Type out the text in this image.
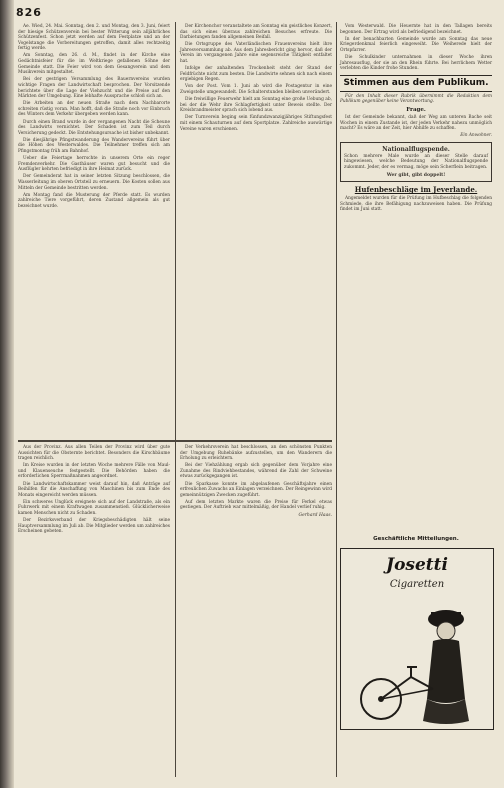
826

Ae. Wied, 24. Mai. Sonntag, den 2. und Montag, den 3. Juni, feiert der hiesige Schützenverein bei bester Witterung sein alljährliches Schützenfest. Schon jetzt werden auf dem Festplatze und an der Vogelstange die Vorbereitungen getroffen, damit alles rechtzeitig fertig werde.

Am Sonntag, den 26. d. M., findet in der Kirche eine Gedächtnisfeier für die im Weltkriege gefallenen Söhne der Gemeinde statt. Die Feier wird von dem Gesangverein und dem Musikverein mitgestaltet.

Bei der gestrigen Versammlung des Bauernvereins wurden wichtige Fragen der Landwirtschaft besprochen. Der Vorsitzende berichtete über die Lage der Viehzucht und die Preise auf den Märkten der Umgebung. Eine lebhafte Aussprache schloß sich an.

Die Arbeiten an der neuen Straße nach dem Nachbarorte schreiten rüstig voran. Man hofft, daß die Straße noch vor Einbruch des Winters dem Verkehr übergeben werden kann.

Durch einen Brand wurde in der vergangenen Nacht die Scheune des Landwirts vernichtet. Der Schaden ist zum Teil durch Versicherung gedeckt. Die Entstehungsursache ist bisher unbekannt.

Die diesjährige Pfingstwanderung des Wandervereins führt über die Höhen des Westerwaldes. Die Teilnehmer treffen sich am Pfingstmontag früh am Bahnhof.

Ueber die Feiertage herrschte in unserem Orte ein reger Fremdenverkehr. Die Gasthäuser waren gut besucht und die Ausflügler kehrten befriedigt in ihre Heimat zurück.

Der Gemeinderat hat in seiner letzten Sitzung beschlossen, die Wasserleitung im oberen Ortsteil zu erneuern. Die Kosten sollen aus Mitteln der Gemeinde bestritten werden.

Am Montag fand die Musterung der Pferde statt. Es wurden zahlreiche Tiere vorgeführt, deren Zustand allgemein als gut bezeichnet wurde.

Der Kirchenchor veranstaltete am Sonntag ein geistliches Konzert, das sich eines überaus zahlreichen Besuches erfreute. Die Darbietungen fanden allgemeinen Beifall.

Die Ortsgruppe des Vaterländischen Frauenvereins hielt ihre Jahresversammlung ab. Aus dem Jahresbericht ging hervor, daß der Verein im vergangenen Jahre eine segensreiche Tätigkeit entfaltet hat.

Infolge der anhaltenden Trockenheit steht der Stand der Feldfrüchte nicht zum besten. Die Landwirte sehnen sich nach einem ergiebigen Regen.

Von der Post. Vom 1. Juni ab wird die Postagentur in eine Zweigstelle umgewandelt. Die Schalterstunden bleiben unverändert.

Die freiwillige Feuerwehr hielt am Sonntag eine große Uebung ab, bei der die Wehr ihre Schlagfertigkeit unter Beweis stellte. Der Kreisbrandmeister sprach sich lobend aus.

Der Turnverein beging sein fünfundzwanzigjähriges Stiftungsfest mit einem Schauturnen auf dem Sportplatze. Zahlreiche auswärtige Vereine waren erschienen.

Vom Westerwald. Die Heuernte hat in den Tallagen bereits begonnen. Der Ertrag wird als befriedigend bezeichnet.

In der benachbarten Gemeinde wurde am Sonntag das neue Kriegerdenkmal feierlich eingeweiht. Die Weiherede hielt der Ortspfarrer.

Die Schulkinder unternahmen in dieser Woche ihren Jahresausflug, der sie an den Rhein führte. Bei herrlichem Wetter verlebten die Kinder frohe Stunden.

Stimmen aus dem Publikum.

Für den Inhalt dieser Rubrik übernimmt die Redaktion dem Publikum gegenüber keine Verantwortung.

Frage.

Ist der Gemeinde bekannt, daß der Weg am unteren Bache seit Wochen in einem Zustande ist, der jeden Verkehr nahezu unmöglich macht? Es wäre an der Zeit, hier Abhilfe zu schaffen.

Ein Anwohner.
Nationalflugspende.
Schon mehrere Male wurde an dieser Stelle darauf hingewiesen, welche Bedeutung der Nationalflugspende zukommt. Jeder, der es vermag, möge sein Scherflein beitragen.
Wer gibt, gibt doppelt!
Hufenbeschläge im Jeverlande.

Angemeldet wurden für die Prüfung im Hufbeschlag die folgenden Schmiede, die ihre Befähigung nachzuweisen haben. Die Prüfung findet im Juni statt.

Aus der Provinz. Aus allen Teilen der Provinz wird über gute Aussichten für die Obsternte berichtet. Besonders die Kirschbäume tragen reichlich.

Im Kreise wurden in der letzten Woche mehrere Fälle von Maul- und Klauenseuche festgestellt. Die Behörden haben die erforderlichen Sperrmaßnahmen angeordnet.

Die Landwirtschaftskammer weist darauf hin, daß Anträge auf Beihilfen für die Anschaffung von Maschinen bis zum Ende des Monats eingereicht werden müssen.

Ein schweres Unglück ereignete sich auf der Landstraße, als ein Fuhrwerk mit einem Kraftwagen zusammenstieß. Glücklicherweise kamen Menschen nicht zu Schaden.

Der Bezirksverband der Kriegsbeschädigten hält seine Hauptversammlung im Juli ab. Die Mitglieder werden um zahlreiches Erscheinen gebeten.

Der Verkehrsverein hat beschlossen, an den schönsten Punkten der Umgebung Ruhebänke aufzustellen, um den Wanderern die Erholung zu erleichtern.

Bei der Viehzählung ergab sich gegenüber dem Vorjahre eine Zunahme des Rindviehbestandes, während die Zahl der Schweine etwas zurückgegangen ist.

Die Sparkasse konnte im abgelaufenen Geschäftsjahre einen erfreulichen Zuwachs an Einlagen verzeichnen. Der Reingewinn wird gemeinnützigen Zwecken zugeführt.

Auf dem letzten Markte waren die Preise für Ferkel etwas gestiegen. Der Auftrieb war mittelmäßig, der Handel verlief ruhig.

Gerhard Haas.
Geschäftliche Mitteilungen.
Josetti
Cigaretten
